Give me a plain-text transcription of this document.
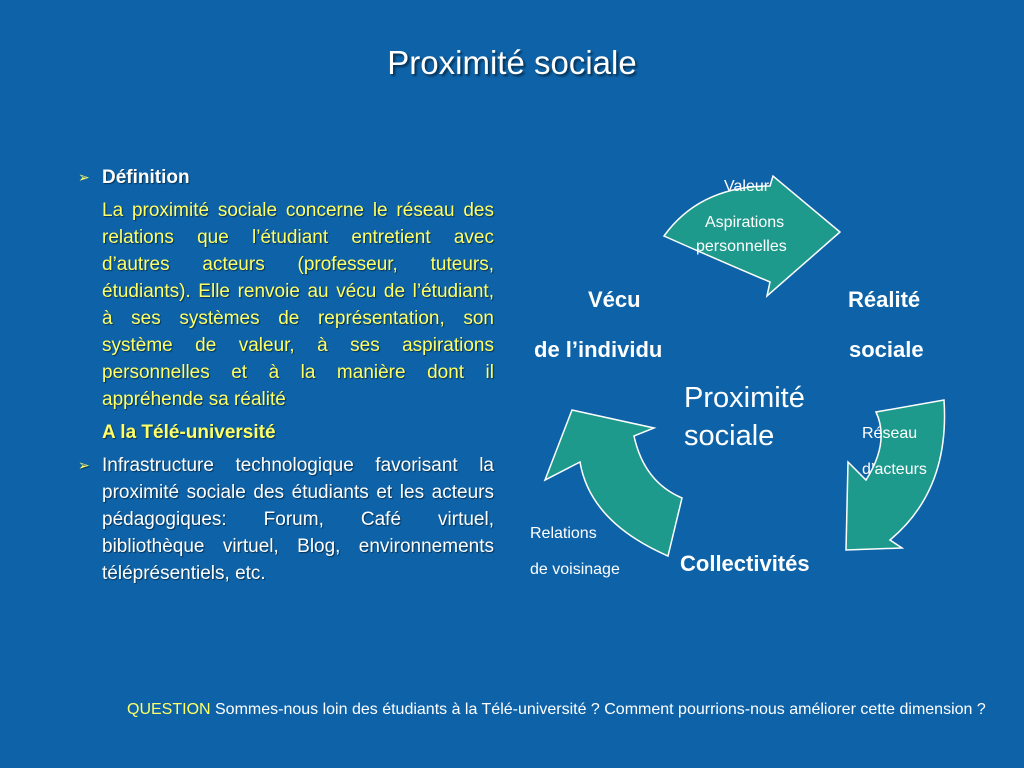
Proximité sociale
➢ Définition
La proximité sociale concerne le réseau des relations que l’étudiant entretient avec d’autres acteurs (professeur, tuteurs, étudiants). Elle renvoie au vécu de l’étudiant, à ses systèmes de représentation, son système de valeur, à ses aspirations personnelles et à la manière dont il appréhende sa réalité
A la Télé-université
➢ Infrastructure technologique favorisant la proximité sociale des étudiants et les acteurs pédagogiques: Forum, Café virtuel, bibliothèque virtuel, Blog, environnements téléprésentiels, etc.
Valeur
Aspirations
personnelles
Vécu
de l’individu
Réalité
sociale
Proximité
sociale	Réseau
d’acteurs
Relations
de voisinage	Collectivités
QUESTION Sommes-nous loin des étudiants à la Télé-université ? Comment pourrions-nous améliorer cette dimension ?
